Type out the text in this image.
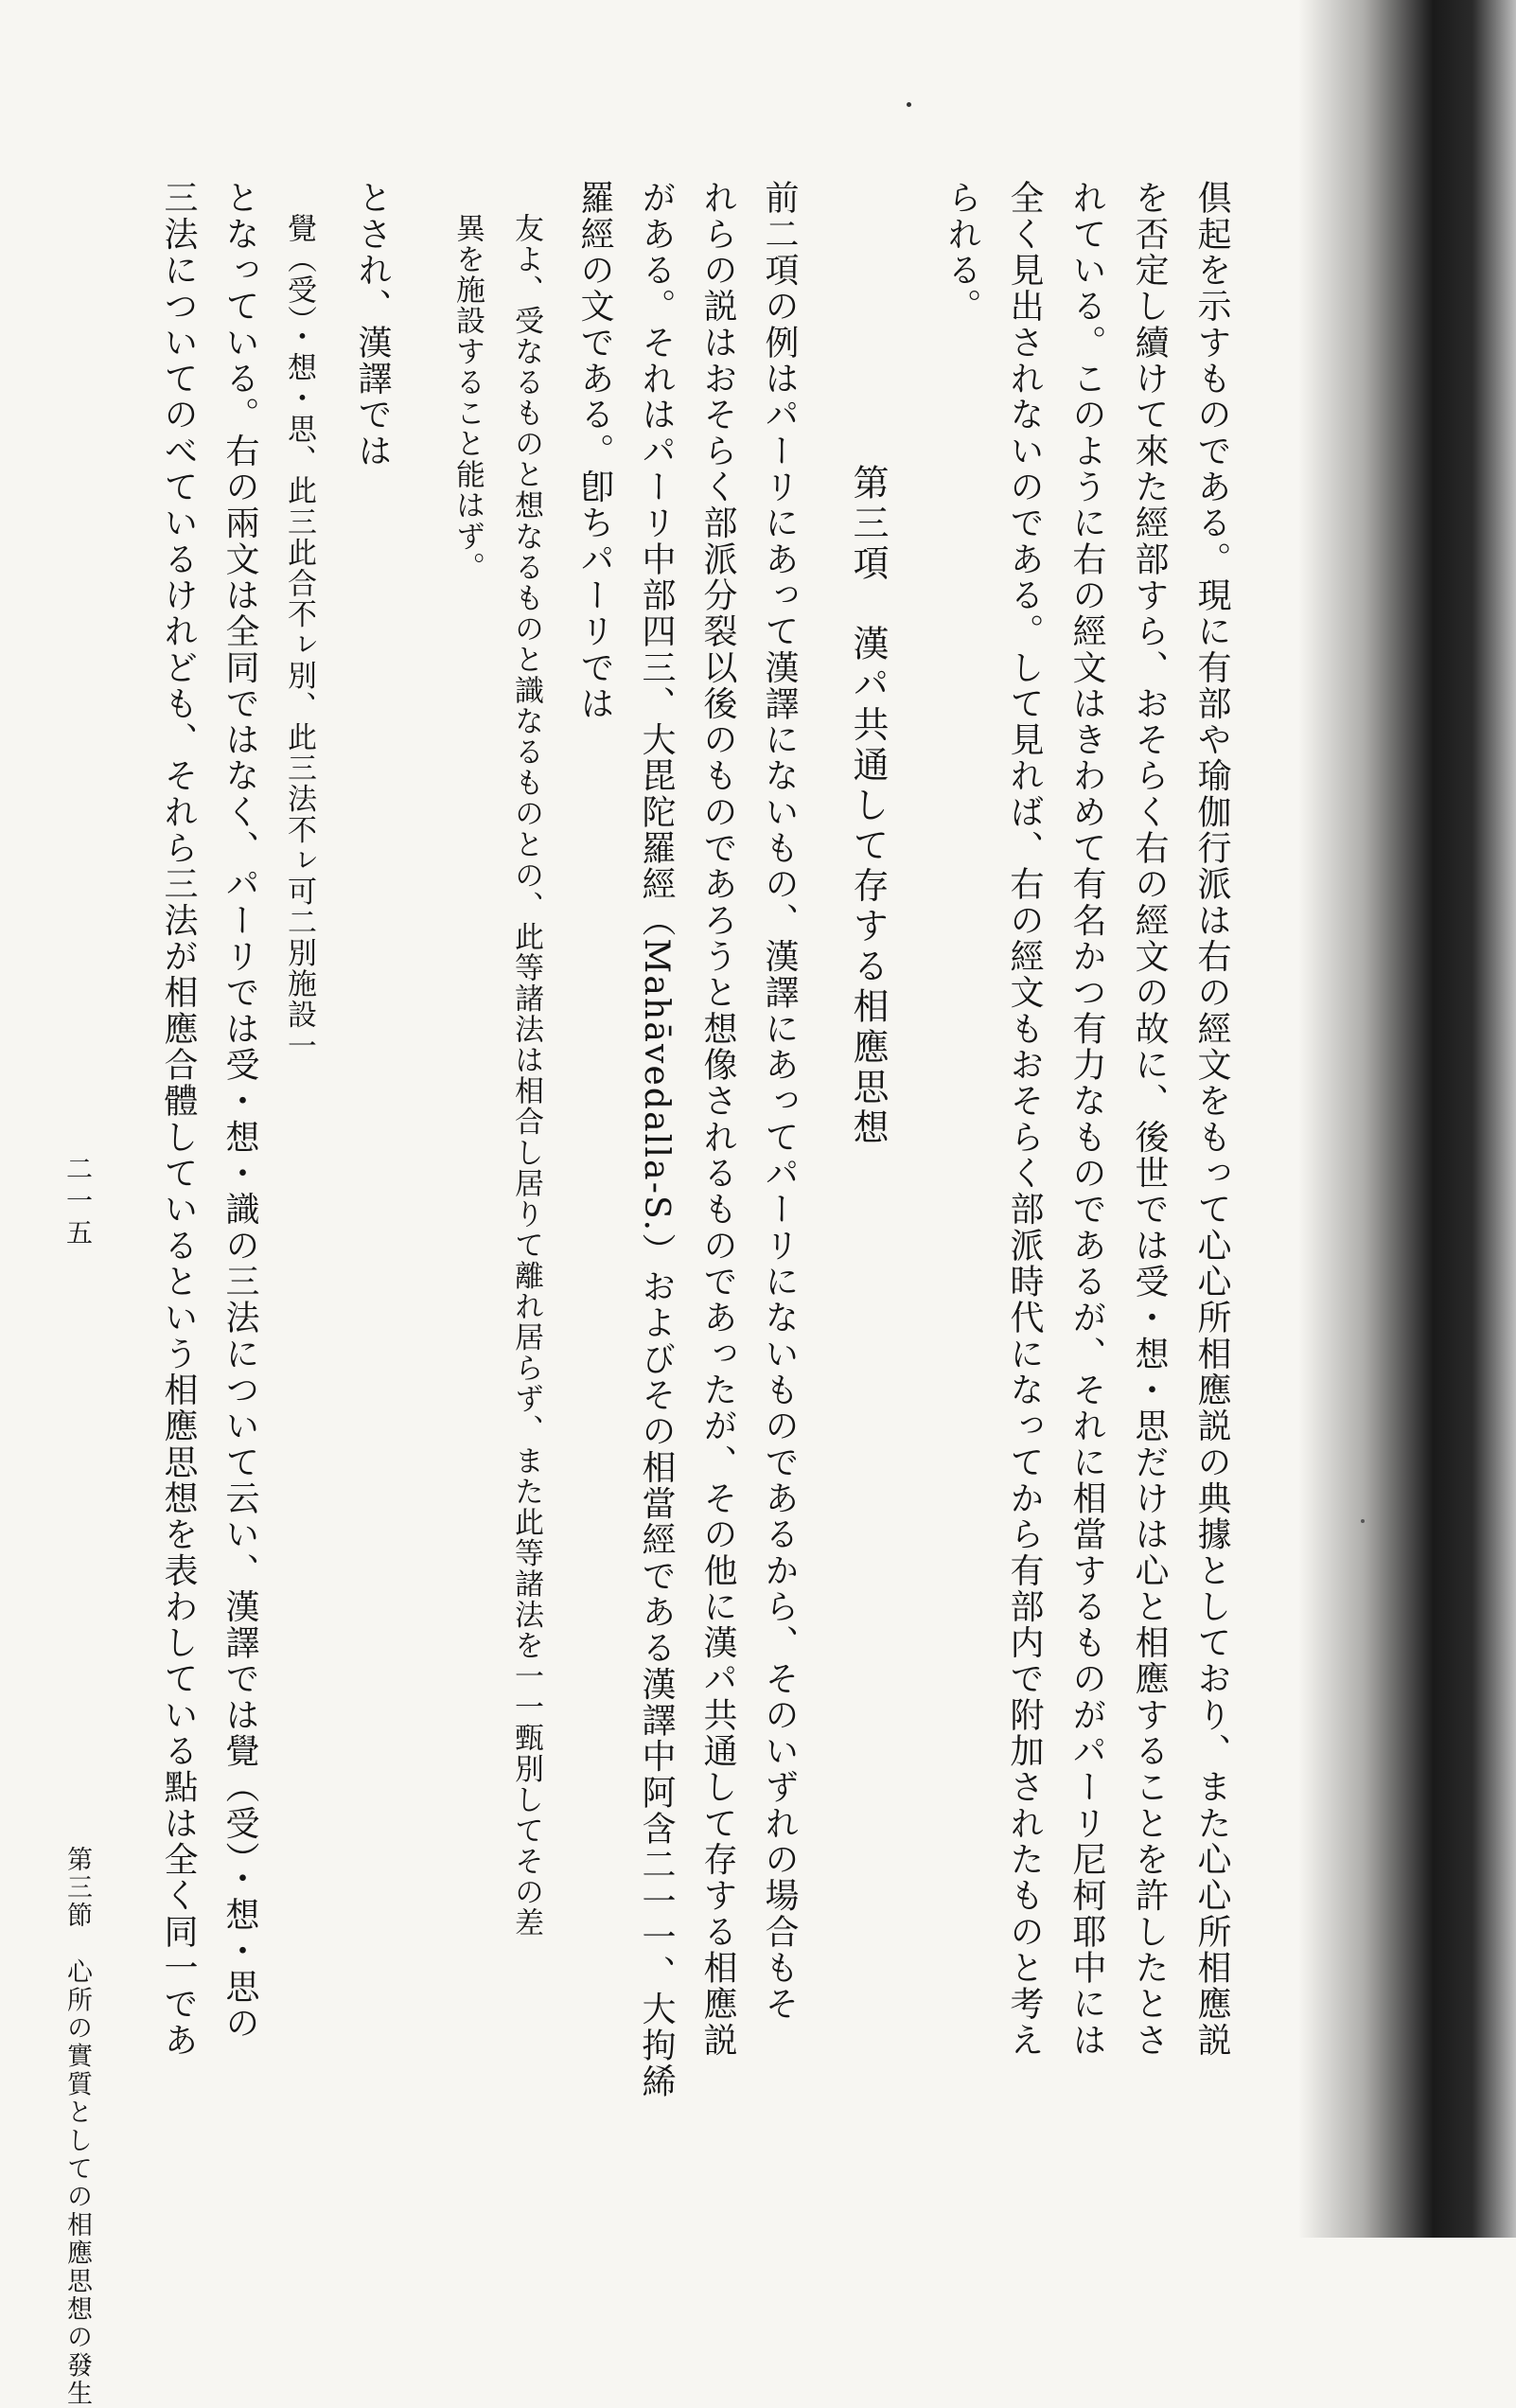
倶起を示すものである。現に有部や瑜伽行派は右の經文をもって心心所相應説の典據としており、また心心所相應説
を否定し續けて來た經部すら、おそらく右の經文の故に、後世では受・想・思だけは心と相應することを許したとさ
れている。このように右の經文はきわめて有名かつ有力なものであるが、それに相當するものがパーリ尼柯耶中には
全く見出されないのである。して見れば、右の經文もおそらく部派時代になってから有部内で附加されたものと考え
られる。
第三項　漢パ共通して存する相應思想
前二項の例はパーリにあって漢譯にないもの、漢譯にあってパーリにないものであるから、そのいずれの場合もそ
れらの説はおそらく部派分裂以後のものであろうと想像されるものであったが、その他に漢パ共通して存する相應説
がある。それはパーリ中部四三、大毘陀羅經（Mahāvedalla-S.）およびその相當經である漢譯中阿含二一一、大拘絺
羅經の文である。卽ちパーリでは
友よ、受なるものと想なるものと識なるものとの、此等諸法は相合し居りて離れ居らず、また此等諸法を一一甄別してその差
異を施設すること能はず。
とされ、漢譯では
覺（受）・想・思、此三此合不ㇾ別、此三法不ㇾ可㆓別施設㆒
となっている。右の兩文は全同ではなく、パーリでは受・想・識の三法について云い、漢譯では覺（受）・想・思の
三法についてのべているけれども、それら三法が相應合體しているという相應思想を表わしている點は全く同一であ
第三節　心所の實質としての相應思想の發生
二一五
